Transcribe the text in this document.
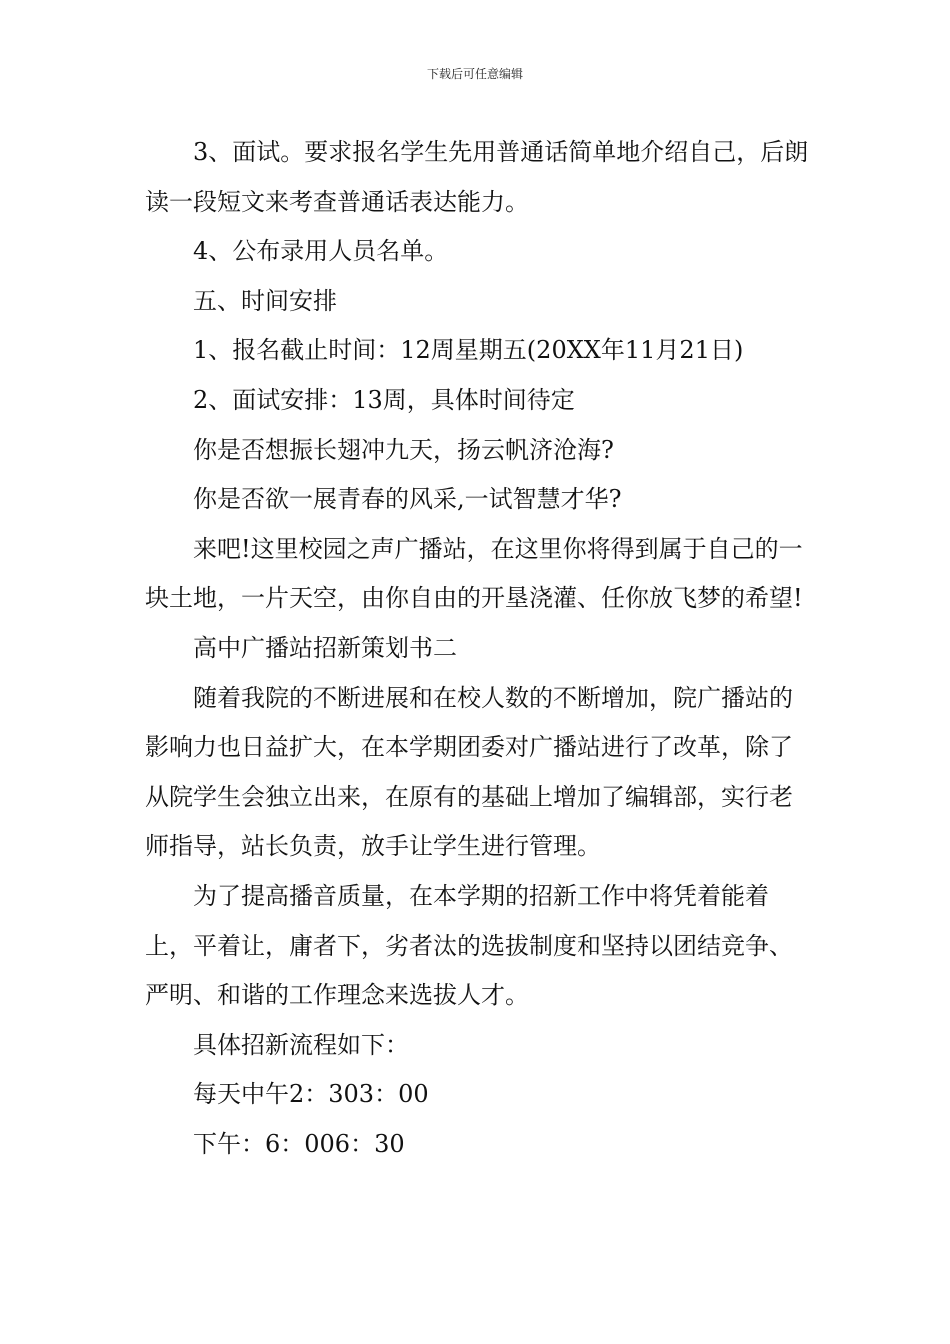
下载后可任意编辑

3、面试。要求报名学生先用普通话简单地介绍自己，后朗读一段短文来考查普通话表达能力。

4、公布录用人员名单。

五、时间安排

1、报名截止时间：12周星期五(20XX年11月21日)

2、面试安排：13周，具体时间待定

你是否想振长翅冲九天，扬云帆济沧海?

你是否欲一展青春的风采,一试智慧才华?

来吧!这里校园之声广播站，在这里你将得到属于自己的一块土地，一片天空，由你自由的开垦浇灌、任你放飞梦的希望!

高中广播站招新策划书二

随着我院的不断进展和在校人数的不断增加，院广播站的影响力也日益扩大，在本学期团委对广播站进行了改革，除了从院学生会独立出来，在原有的基础上增加了编辑部，实行老师指导，站长负责，放手让学生进行管理。

为了提高播音质量，在本学期的招新工作中将凭着能着上，平着让，庸者下，劣者汰的选拔制度和坚持以团结竞争、严明、和谐的工作理念来选拔人才。

具体招新流程如下：

每天中午2：303：00

下午：6：006：30
